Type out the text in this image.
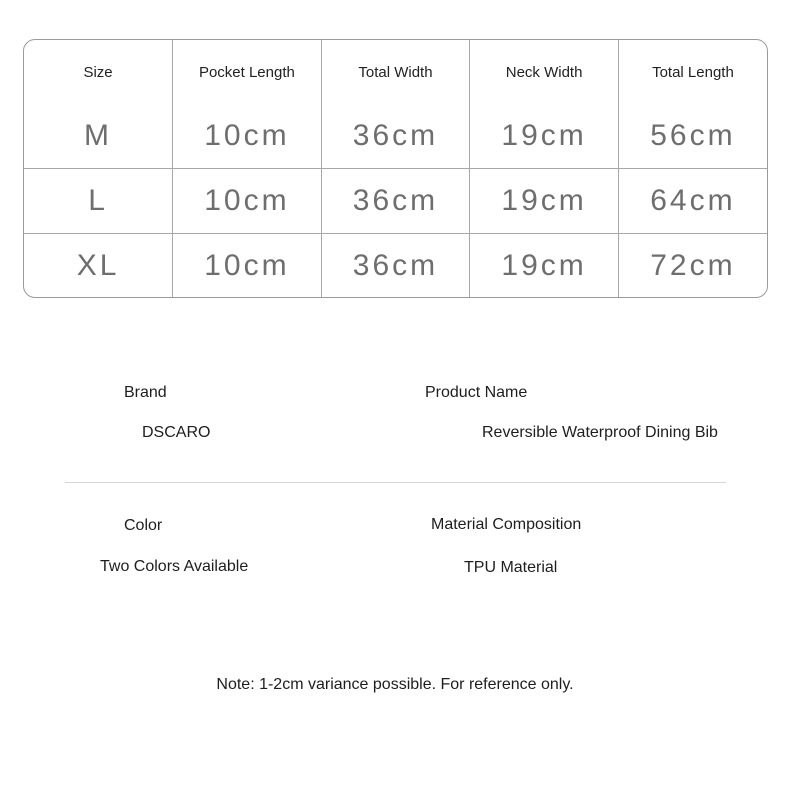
Size	Pocket Length	Total Width	Neck Width	Total Length
M	10cm	36cm	19cm	56cm
L	10cm	36cm	19cm	64cm
XL	10cm	36cm	19cm	72cm
Brand
DSCARO
Product Name
Reversible Waterproof Dining Bib
Color
Two Colors Available
Material Composition
TPU Material
Note: 1-2cm variance possible. For reference only.
